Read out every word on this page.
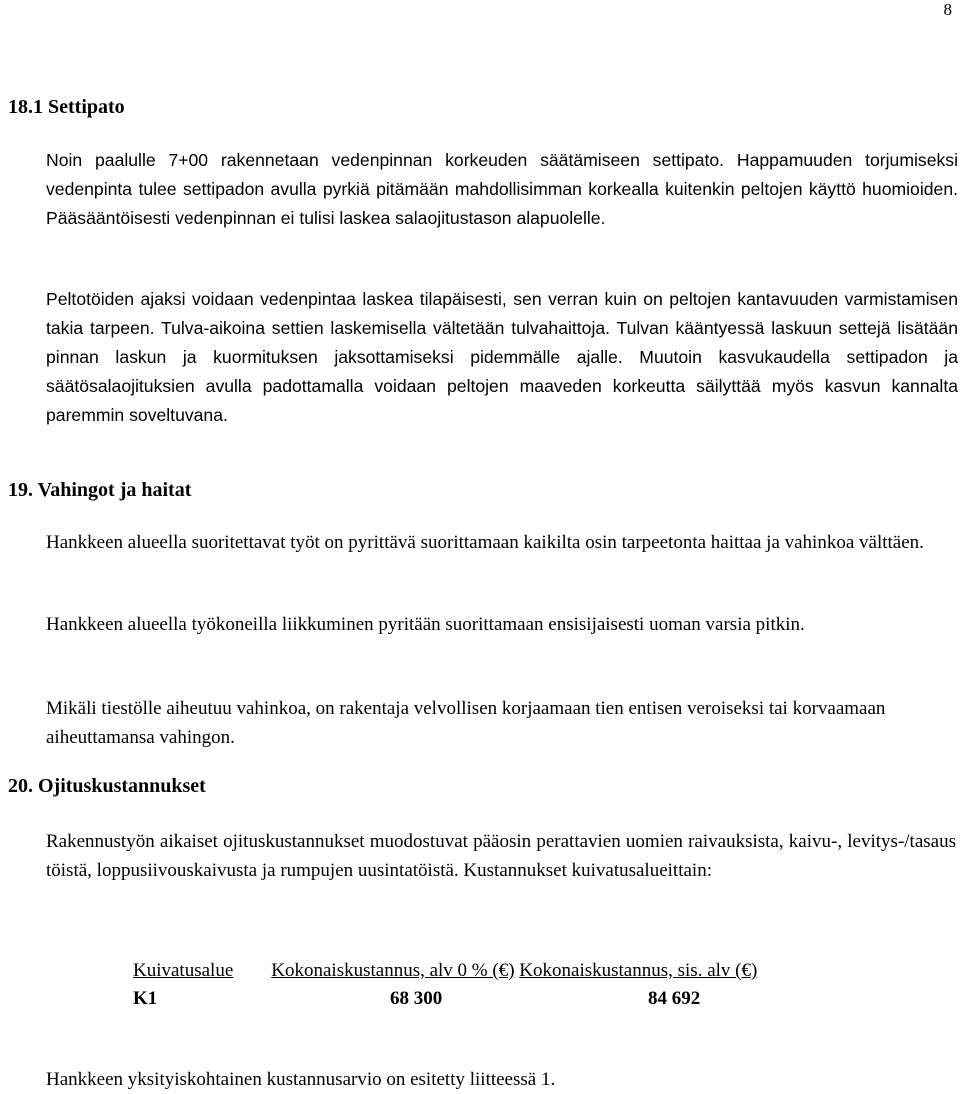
8
18.1 Settipato

Noin paalulle 7+00 rakennetaan vedenpinnan korkeuden säätämiseen settipato. Happamuuden torjumiseksi vedenpinta tulee settipadon avulla pyrkiä pitämään mahdollisimman korkealla kuitenkin peltojen käyttö huomioiden. Pääsääntöisesti vedenpinnan ei tulisi laskea salaojitustason alapuolelle.

Peltotöiden ajaksi voidaan vedenpintaa laskea tilapäisesti, sen verran kuin on peltojen kantavuuden varmistamisen takia tarpeen. Tulva-aikoina settien laskemisella vältetään tulvahaittoja. Tulvan kääntyessä laskuun settejä lisätään pinnan laskun ja kuormituksen jaksottamiseksi pidemmälle ajalle. Muutoin kasvukaudella settipadon ja säätösalaojituksien avulla padottamalla voidaan peltojen maaveden korkeutta säilyttää myös kasvun kannalta paremmin soveltuvana.

19. Vahingot ja haitat

Hankkeen alueella suoritettavat työt on pyrittävä suorittamaan kaikilta osin tarpeetonta haittaa ja vahinkoa välttäen.

Hankkeen alueella työkoneilla liikkuminen pyritään suorittamaan ensisijaisesti uoman varsia pitkin.

Mikäli tiestölle aiheutuu vahinkoa, on rakentaja velvollisen korjaamaan tien entisen veroiseksi tai korvaamaan aiheuttamansa vahingon.

20. Ojituskustannukset

Rakennustyön aikaiset ojituskustannukset muodostuvat pääosin perattavien uomien raivauksista, kaivu-, levitys-/tasaus töistä, loppusiivouskaivusta ja rumpujen uusintatöistä. Kustannukset kuivatusalueittain:

Kuivatusalue Kokonaiskustannus, alv 0 % (€) Kokonaiskustannus, sis. alv (€)
K1	68 300	84 692

Hankkeen yksityiskohtainen kustannusarvio on esitetty liitteessä 1.
